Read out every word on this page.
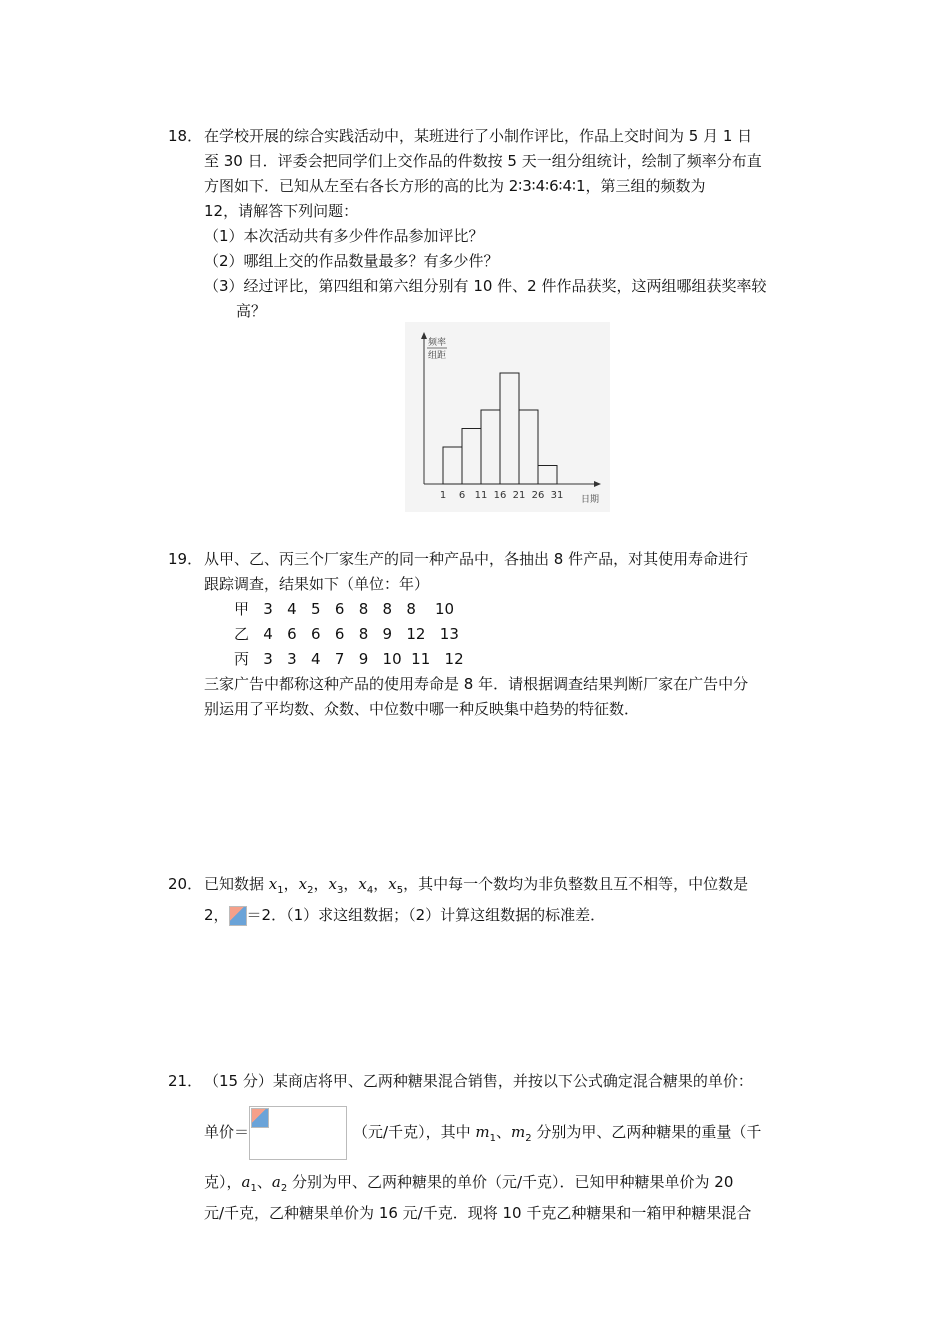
18． 在学校开展的综合实践活动中，某班进行了小制作评比，作品上交时间为 5 月 1 日
至 30 日．评委会把同学们上交作品的件数按 5 天一组分组统计，绘制了频率分布直
方图如下．已知从左至右各长方形的高的比为 2∶3∶4∶6∶4∶1，第三组的频数为
12，请解答下列问题：
（1）本次活动共有多少件作品参加评比？
（2）哪组上交的作品数量最多？有多少件？
（3）经过评比，第四组和第六组分别有 10 件、2 件作品获奖，这两组哪组获奖率较
高？
频率
组距
1 6 11 16 21 26 31 日期
19． 从甲、乙、丙三个厂家生产的同一种产品中，各抽出 8 件产品，对其使用寿命进行
跟踪调查，结果如下（单位：年）
甲   3   4   5   6   8   8   8    10
乙   4   6   6   6   8   9   12   13
丙   3   3   4   7   9   10  11   12
三家广告中都称这种产品的使用寿命是 8 年．请根据调查结果判断厂家在广告中分
别运用了平均数、众数、中位数中哪一种反映集中趋势的特征数．
20． 已知数据 $x_1$，$x_2$，$x_3$，$x_4$，$x_5$，其中每一个数均为非负整数且互不相等，中位数是
2， ＝2．（1）求这组数据；（2）计算这组数据的标准差．
21． （15 分）某商店将甲、乙两种糖果混合销售，并按以下公式确定混合糖果的单价：
单价＝	（元/千克），其中 $m_1$、$m_2$ 分别为甲、乙两种糖果的重量（千
克），$a_1$、$a_2$ 分别为甲、乙两种糖果的单价（元/千克）．已知甲种糖果单价为 20
元/千克，乙种糖果单价为 16 元/千克．现将 10 千克乙种糖果和一箱甲种糖果混合
